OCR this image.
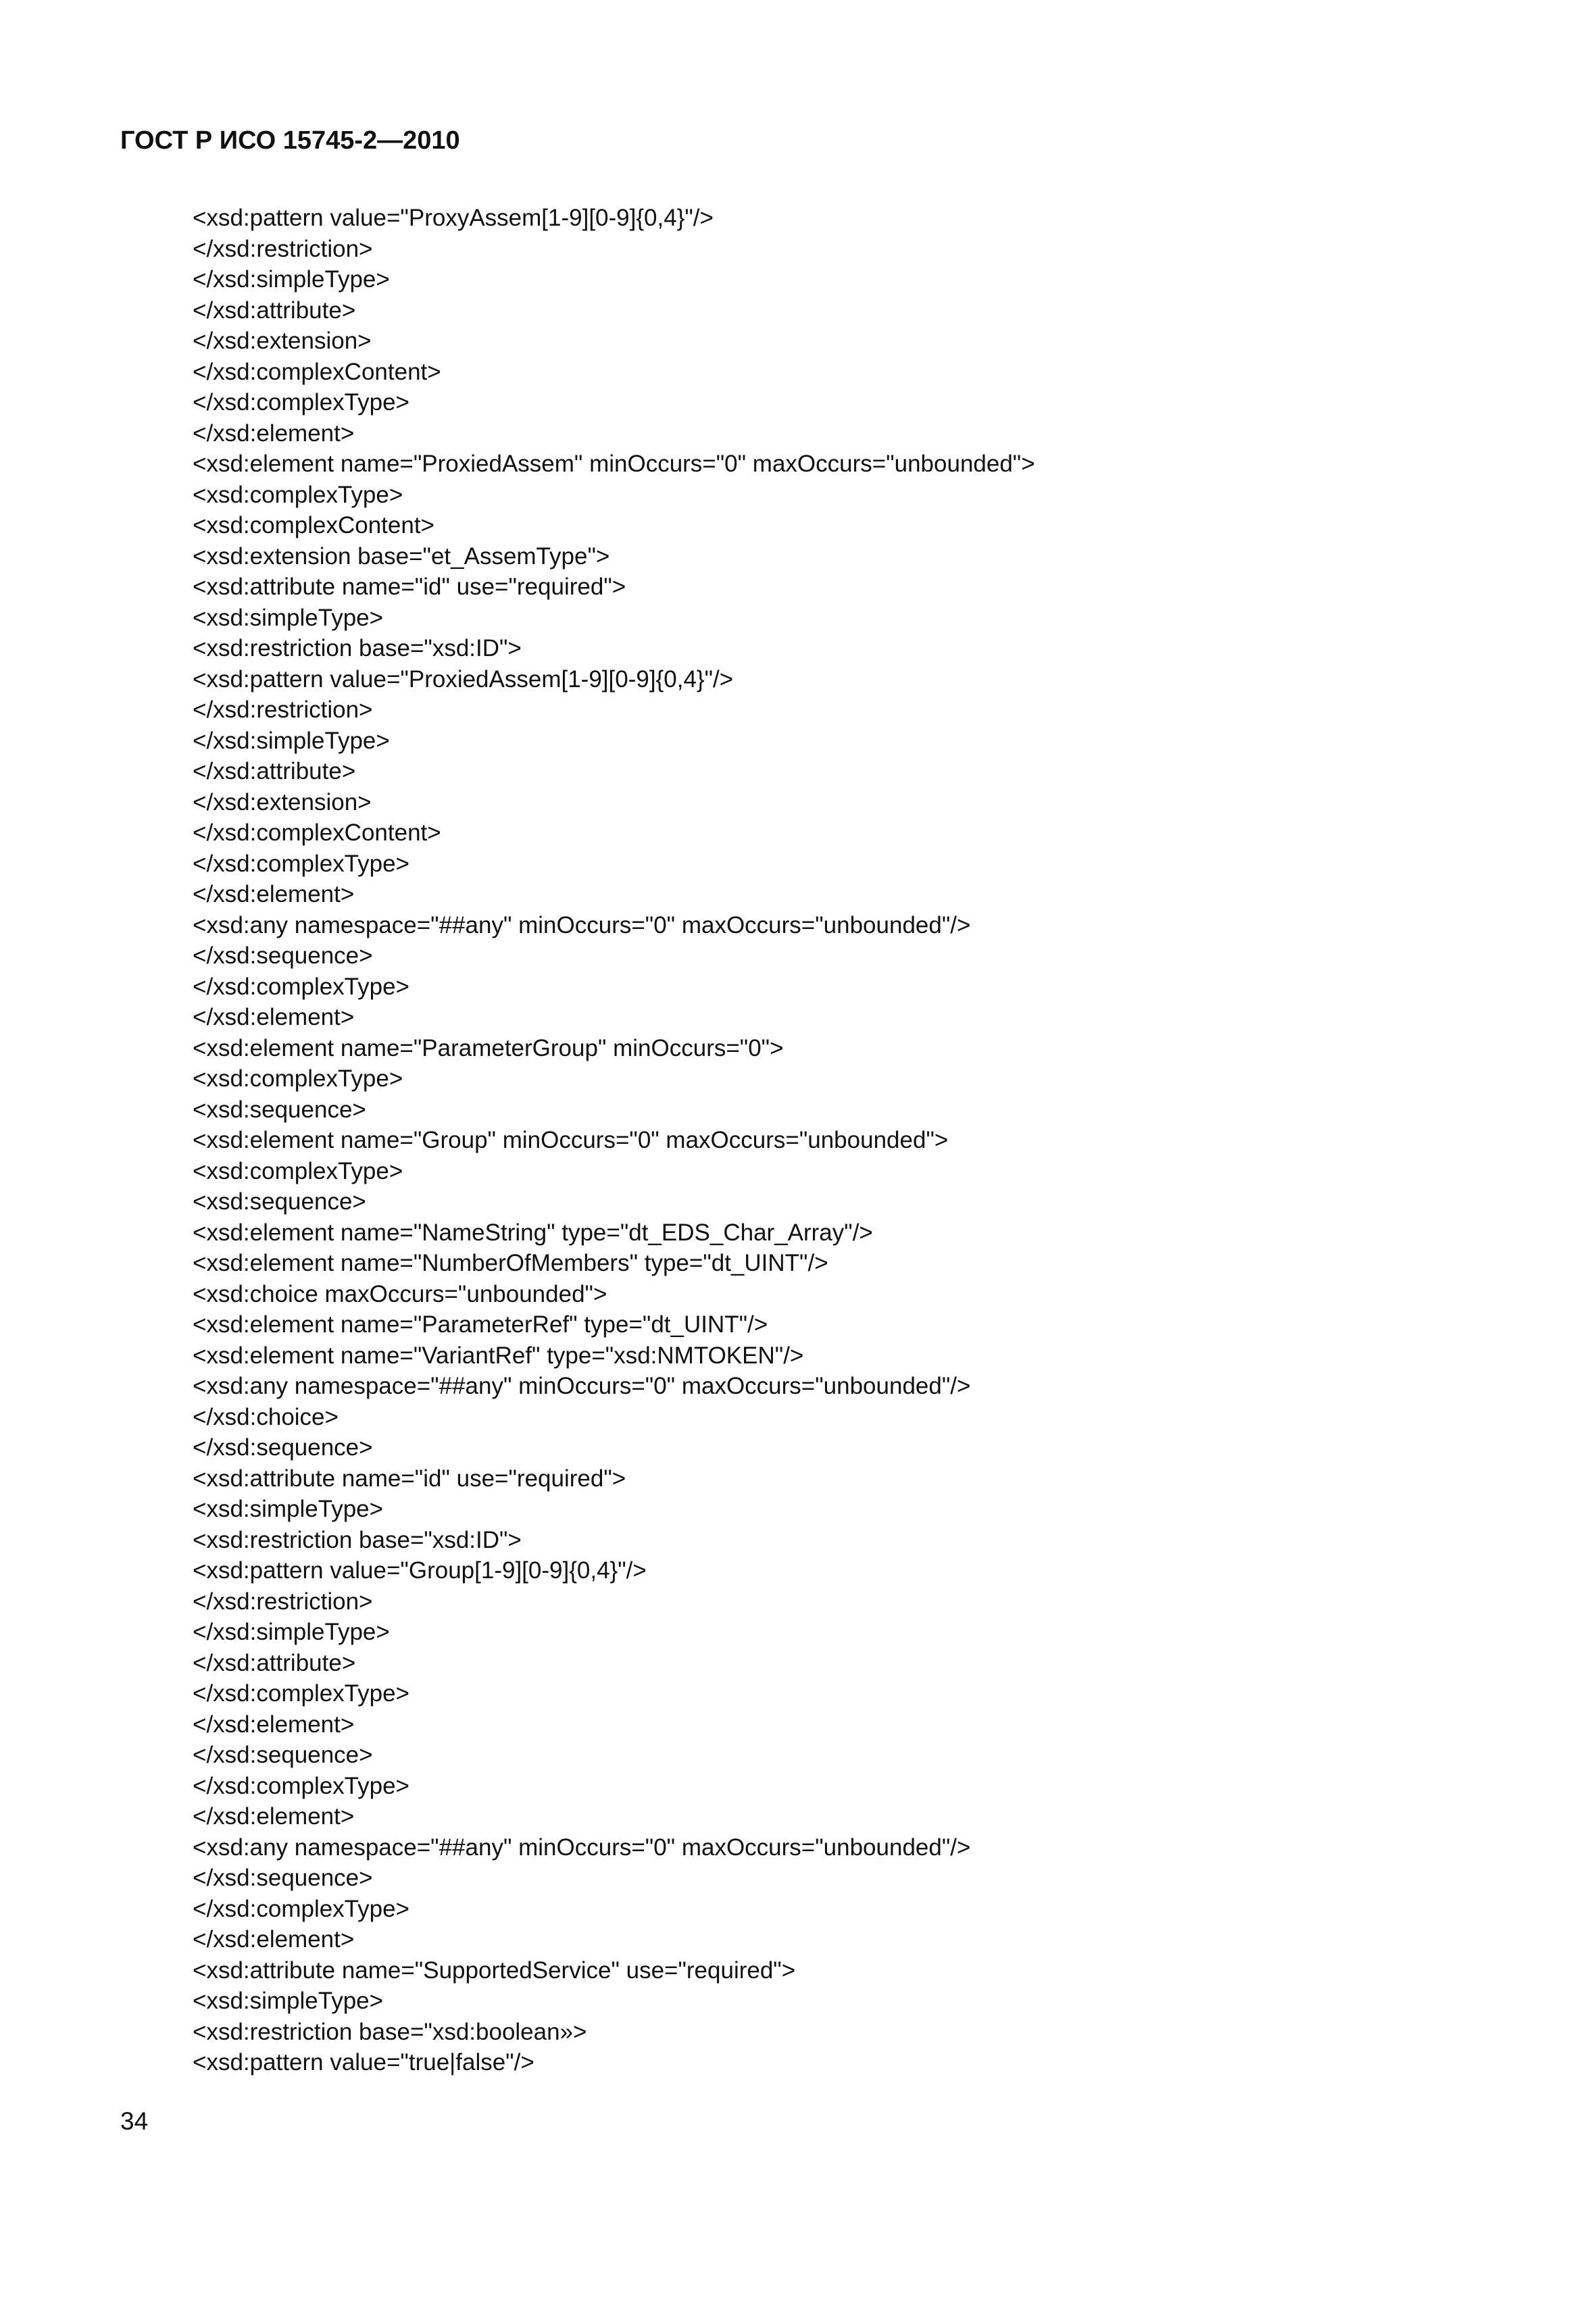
ГОСТ Р ИСО 15745-2—2010
<xsd:pattern value="ProxyAssem[1-9][0-9]{0,4}"/>
</xsd:restriction>
</xsd:simpleType>
</xsd:attribute>
</xsd:extension>
</xsd:complexContent>
</xsd:complexType>
</xsd:element>
<xsd:element name="ProxiedAssem" minOccurs="0" maxOccurs="unbounded">
<xsd:complexType>
<xsd:complexContent>
<xsd:extension base="et_AssemType">
<xsd:attribute name="id" use="required">
<xsd:simpleType>
<xsd:restriction base="xsd:ID">
<xsd:pattern value="ProxiedAssem[1-9][0-9]{0,4}"/>
</xsd:restriction>
</xsd:simpleType>
</xsd:attribute>
</xsd:extension>
</xsd:complexContent>
</xsd:complexType>
</xsd:element>
<xsd:any namespace="##any" minOccurs="0" maxOccurs="unbounded"/>
</xsd:sequence>
</xsd:complexType>
</xsd:element>
<xsd:element name="ParameterGroup" minOccurs="0">
<xsd:complexType>
<xsd:sequence>
<xsd:element name="Group" minOccurs="0" maxOccurs="unbounded">
<xsd:complexType>
<xsd:sequence>
<xsd:element name="NameString" type="dt_EDS_Char_Array"/>
<xsd:element name="NumberOfMembers" type="dt_UINT"/>
<xsd:choice maxOccurs="unbounded">
<xsd:element name="ParameterRef" type="dt_UINT"/>
<xsd:element name="VariantRef" type="xsd:NMTOKEN"/>
<xsd:any namespace="##any" minOccurs="0" maxOccurs="unbounded"/>
</xsd:choice>
</xsd:sequence>
<xsd:attribute name="id" use="required">
<xsd:simpleType>
<xsd:restriction base="xsd:ID">
<xsd:pattern value="Group[1-9][0-9]{0,4}"/>
</xsd:restriction>
</xsd:simpleType>
</xsd:attribute>
</xsd:complexType>
</xsd:element>
</xsd:sequence>
</xsd:complexType>
</xsd:element>
<xsd:any namespace="##any" minOccurs="0" maxOccurs="unbounded"/>
</xsd:sequence>
</xsd:complexType>
</xsd:element>
<xsd:attribute name="SupportedService" use="required">
<xsd:simpleType>
<xsd:restriction base="xsd:boolean»>
<xsd:pattern value="true|false"/>
34
